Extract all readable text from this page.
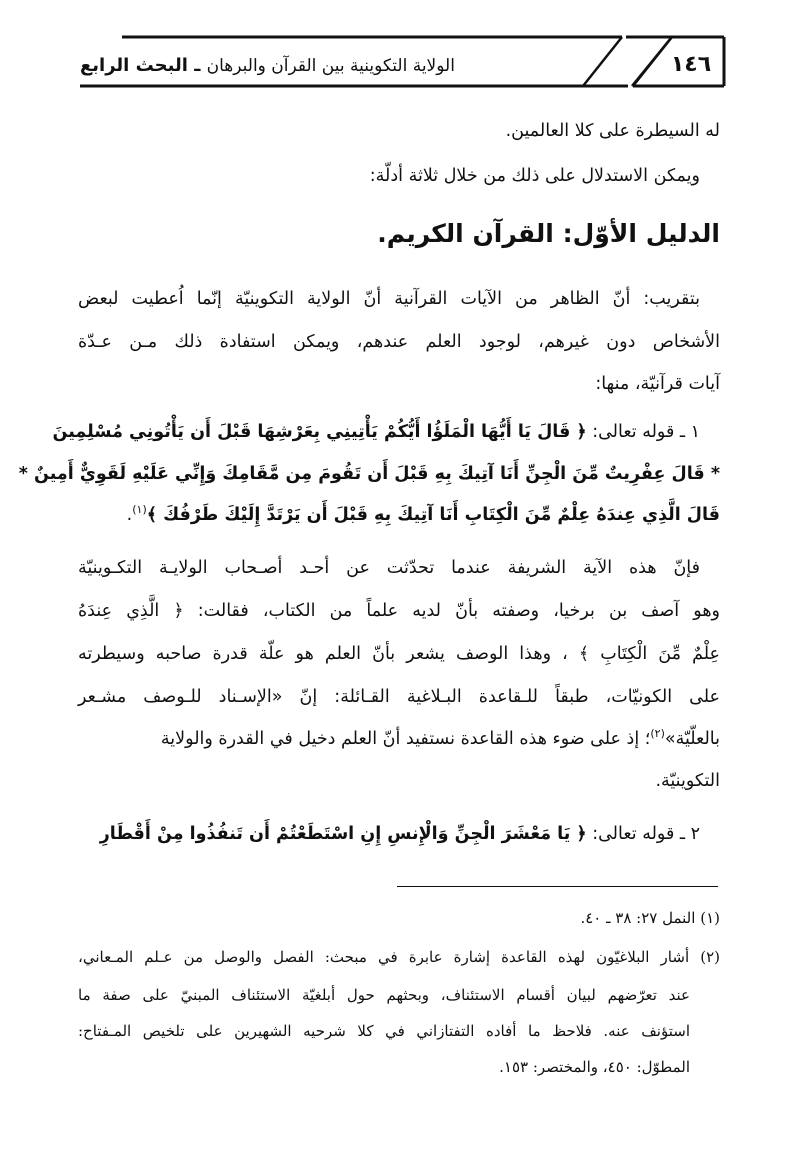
الولاية التكوينية بين القرآن والبرهان ـ البحث الرابع	١٤٦
له السيطرة على كلا العالمين.
ويمكن الاستدلال على ذلك من خلال ثلاثة أدلّة:
الدليل الأوّل: القرآن الكريم.
بتقريب: أنّ الظاهر من الآيات القرآنية أنّ الولاية التكوينيّة إنّما اُعطيت لبعض
الأشخاص دون غيرهم، لوجود العلم عندهم، ويمكن استفادة ذلك مـن عـدّة
آيات قرآنيّة، منها:
١ ـ قوله تعالى: ﴿ قَالَ يَا أَيُّهَا الْمَلَؤُا أَيُّكُمْ يَأْتِينِي بِعَرْشِهَا قَبْلَ أَن يَأْتُونِي مُسْلِمِينَ
* قَالَ عِفْرِيتٌ مِّنَ الْجِنِّ أَنَا آتِيكَ بِهِ قَبْلَ أَن تَقُومَ مِن مَّقَامِكَ وَإِنِّي عَلَيْهِ لَقَوِيٌّ أَمِينٌ *
قَالَ الَّذِي عِندَهُ عِلْمٌ مِّنَ الْكِتَابِ أَنَا آتِيكَ بِهِ قَبْلَ أَن يَرْتَدَّ إِلَيْكَ طَرْفُكَ ﴾$^{(١)}$.
فإنّ هذه الآية الشريفة عندما تحدّثت عن أحـد أصـحاب الولايـة التكـوينيّة
وهو آصف بن برخيا، وصفته بأنّ لديه علماً من الكتاب، فقالت: ﴿ الَّذِي عِندَهُ
عِلْمٌ مِّنَ الْكِتَابِ ﴾ ، وهذا الوصف يشعر بأنّ العلم هو علّة قدرة صاحبه وسيطرته
على الكونيّات، طبقاً للـقاعدة البـلاغية القـائلة: إنّ «الإسـناد للـوصف مشـعر
بالعلّيّة»$^{(٢)}$؛ إذ على ضوء هذه القاعدة نستفيد أنّ العلم دخيل في القدرة والولاية
التكوينيّة.
٢ ـ قوله تعالى: ﴿ يَا مَعْشَرَ الْجِنِّ وَالْإِنسِ إِنِ اسْتَطَعْتُمْ أَن تَنفُذُوا مِنْ أَقْطَارِ
(١) النمل ٢٧: ٣٨ ـ ٤٠.
(٢) أشار البلاغيّون لهذه القاعدة إشارة عابرة في مبحث: الفصل والوصل من عـلم المـعاني،
عند تعرّضهم لبيان أقسام الاستئناف، وبحثهم حول أبلغيّة الاستئناف المبنيّ على صفة ما
استؤنف عنه. فلاحظ ما أفاده التفتازاني في كلا شرحيه الشهيرين على تلخيص المـفتاح:
المطوّل: ٤٥٠، والمختصر: ١٥٣.
